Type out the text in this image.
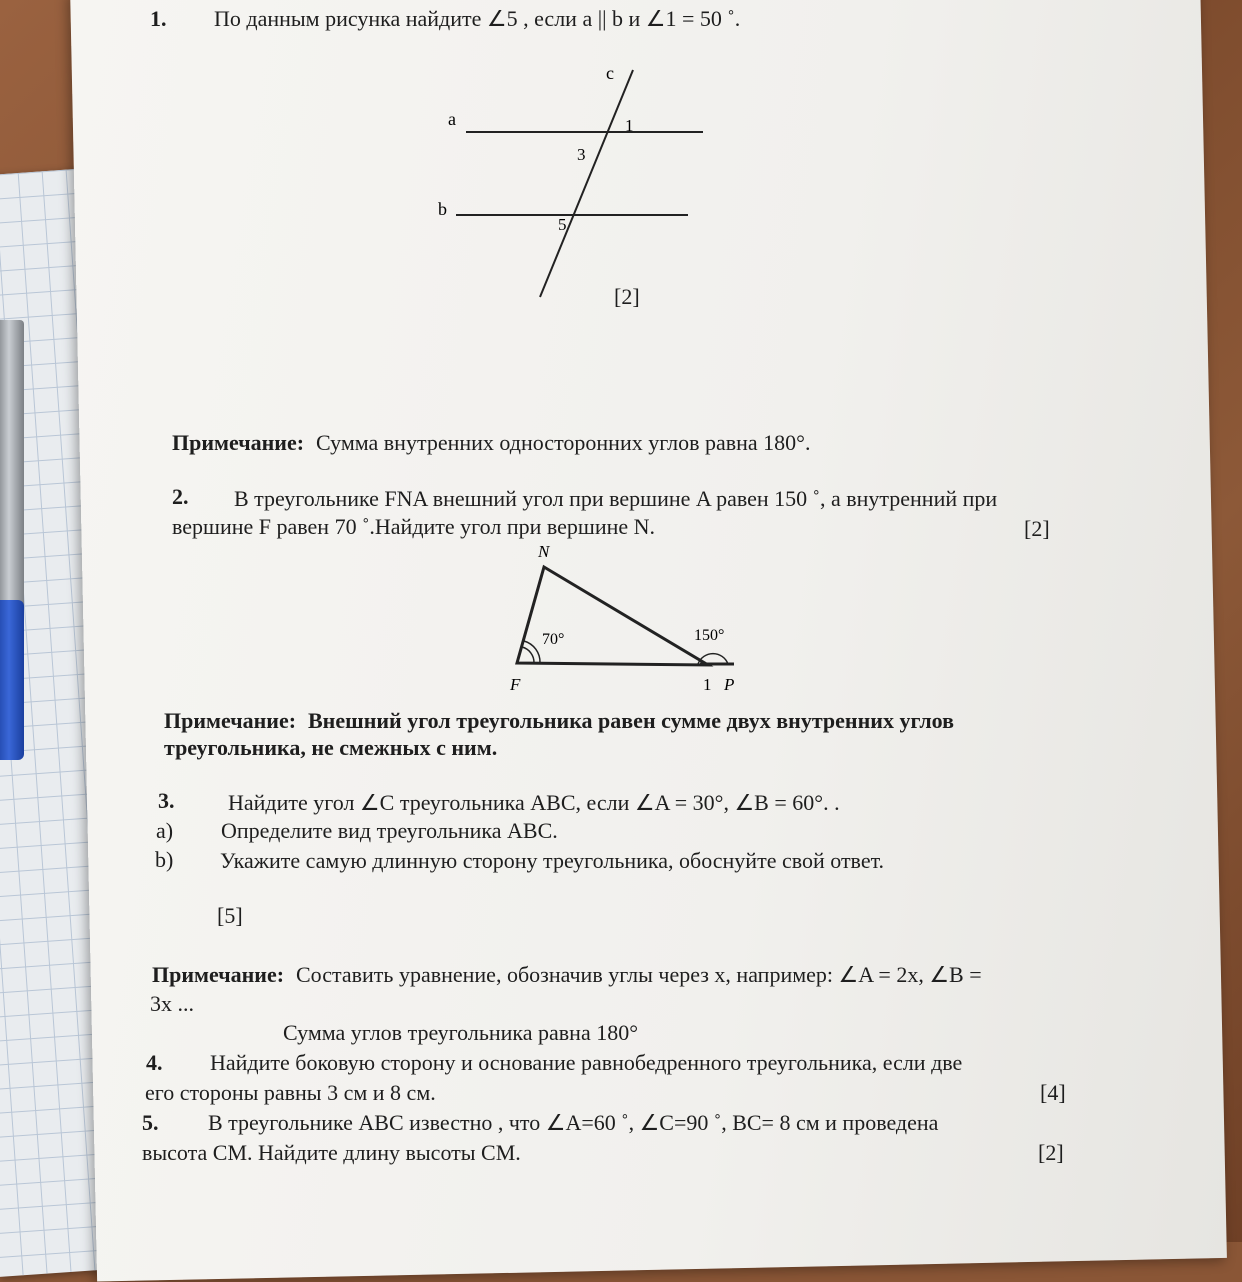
1. По данным рисунка найдите ∠5 , если a || b и ∠1 = 50 ˚.
c
a
b
1
3
5
[2]
Примечание: Сумма внутренних односторонних углов равна 180°.
2. В треугольнике FNA внешний угол при вершине A равен 150 ˚, а внутренний при
вершине F равен 70 ˚.Найдите угол при вершине N.	[2]
N
F	1 P
70°	150°
Примечание: Внешний угол треугольника равен сумме двух внутренних углов
треугольника, не смежных с ним.
3. Найдите угол ∠C треугольника ABC, если ∠A = 30°, ∠B = 60°. .
a) Определите вид треугольника ABC.
b) Укажите самую длинную сторону треугольника, обоснуйте свой ответ.
[5]
Примечание: Составить уравнение, обозначив углы через x, например: ∠A = 2x, ∠B =
3x ...
Сумма углов треугольника равна 180°
4. Найдите боковую сторону и основание равнобедренного треугольника, если две
его стороны равны 3 см и 8 см.	[4]
5. В треугольнике ABC известно , что ∠A=60 ˚, ∠C=90 ˚, BC= 8 см и проведена
высота CM. Найдите длину высоты CM.	[2]
